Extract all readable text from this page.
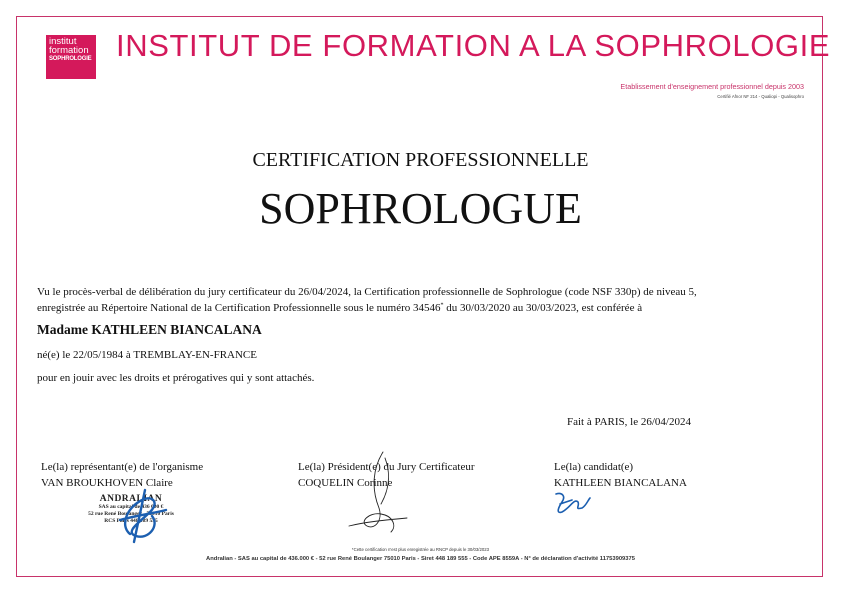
institut
formation
SOPHROLOGIE INSTITUT DE FORMATION A LA SOPHROLOGIE
Etablissement d'enseignement professionnel depuis 2003
Certifié Afnor NF 214 - Qualiopi - Qualisophro
CERTIFICATION PROFESSIONNELLE
SOPHROLOGUE
Vu le procès-verbal de délibération du jury certificateur du 26/04/2024, la Certification professionnelle de Sophrologue (code NSF 330p) de niveau 5,
enregistrée au Répertoire National de la Certification Professionnelle sous le numéro 34546* du 30/03/2020 au 30/03/2023, est conférée à
Madame KATHLEEN BIANCALANA
né(e) le 22/05/1984 à TREMBLAY-EN-FRANCE
pour en jouir avec les droits et prérogatives qui y sont attachés.
Fait à PARIS, le 26/04/2024
Le(la) représentant(e) de l'organisme
VAN BROUKHOVEN Claire
Le(la) Président(e) du Jury Certificateur
COQUELIN Corinne
Le(la) candidat(e)
KATHLEEN BIANCALANA
ANDRALIAN
SAS au capital de 436 000 €
52 rue René Boulanger - 75010 Paris
RCS Paris 448 189 555
*Cette certification n'est plus enregistrée au RNCP depuis le 30/03/2023
Andralian - SAS au capital de 436.000 € - 52 rue René Boulanger 75010 Paris - Siret 448 189 555 - Code APE 8559A - N° de déclaration d'activité 11753909375
